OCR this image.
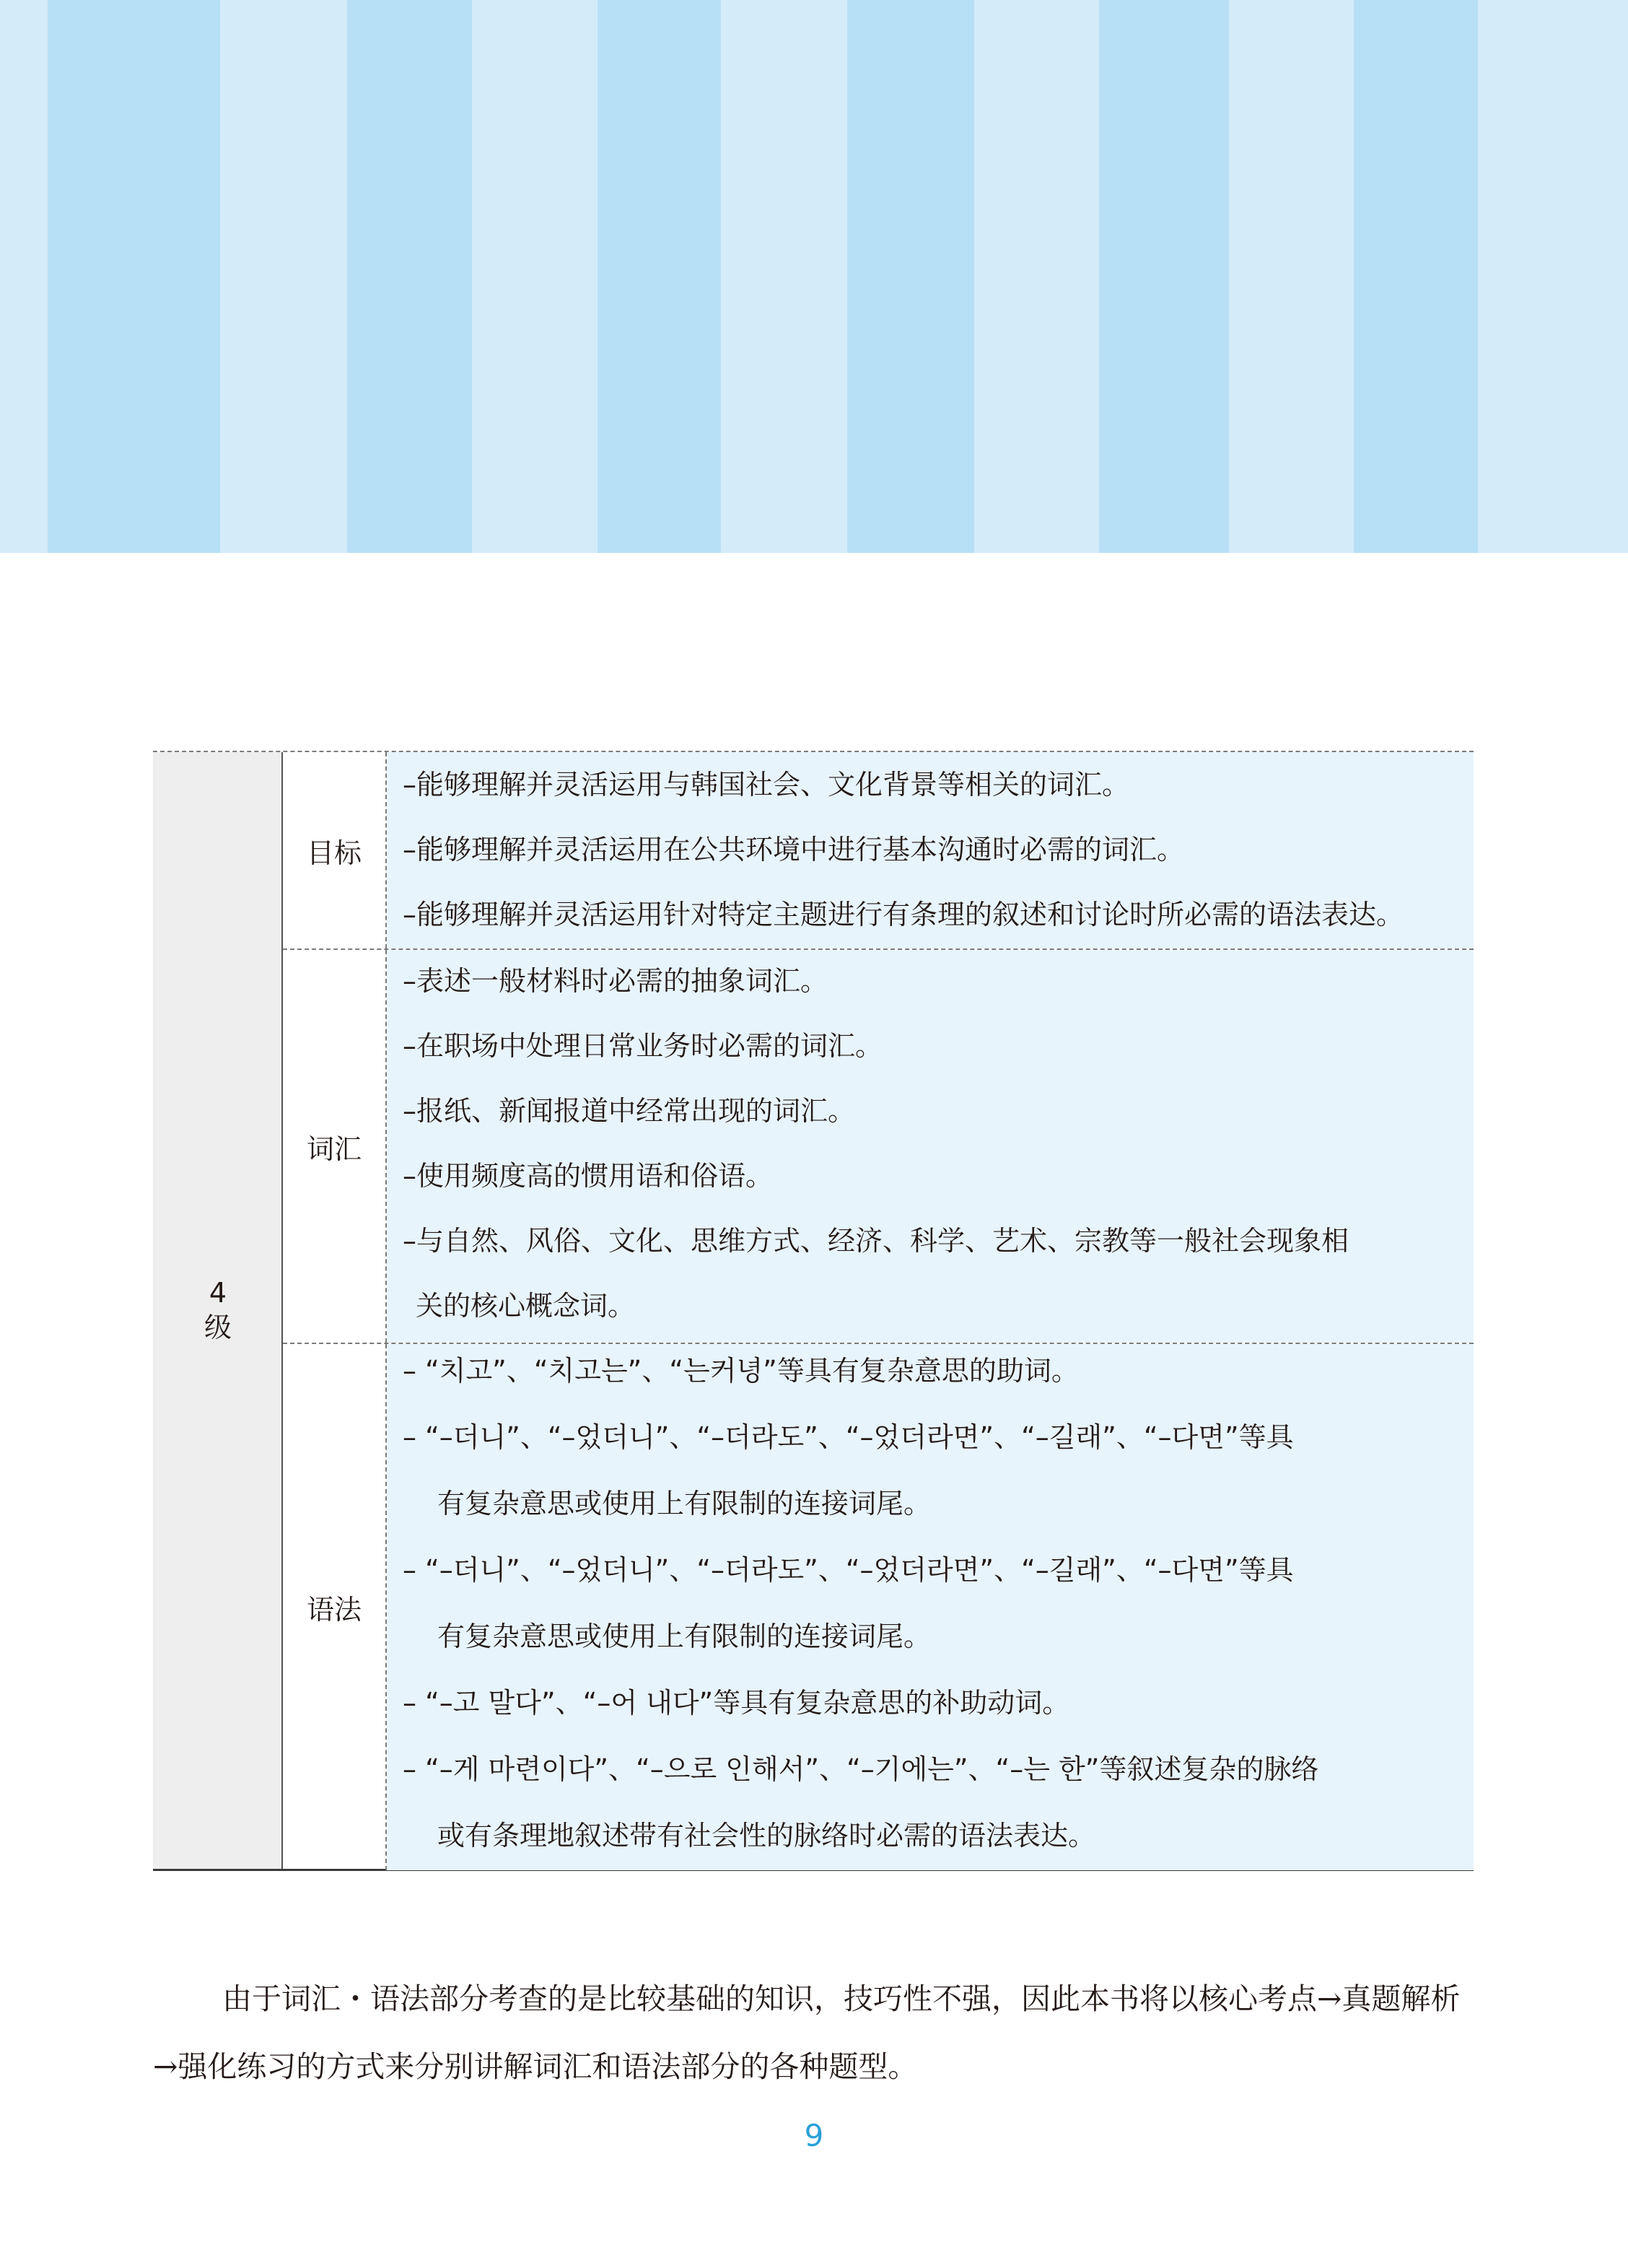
4
级
目标
–能够理解并灵活运用与韩国社会、文化背景等相关的词汇。
–能够理解并灵活运用在公共环境中进行基本沟通时必需的词汇。
–能够理解并灵活运用针对特定主题进行有条理的叙述和讨论时所必需的语法表达。
词汇
–表述一般材料时必需的抽象词汇。
–在职场中处理日常业务时必需的词汇。
–报纸、新闻报道中经常出现的词汇。
–使用频度高的惯用语和俗语。
–与自然、风俗、文化、思维方式、经济、科学、艺术、宗教等一般社会现象相
关的核心概念词。
语法
– “치고”、“치고는”、“는커녕”等具有复杂意思的助词。
– “–더니”、“–었더니”、“–더라도”、“–었더라면”、“–길래”、“–다면”等具
有复杂意思或使用上有限制的连接词尾。
– “–더니”、“–었더니”、“–더라도”、“–었더라면”、“–길래”、“–다면”等具
有复杂意思或使用上有限制的连接词尾。
– “–고 말다”、“–어 내다”等具有复杂意思的补助动词。
– “–게 마련이다”、“–으로 인해서”、“–기에는”、“–는 한”等叙述复杂的脉络
或有条理地叙述带有社会性的脉络时必需的语法表达。

由于词汇・语法部分考查的是比较基础的知识，技巧性不强，因此本书将以核心考点→真题解析→强化练习的方式来分别讲解词汇和语法部分的各种题型。

9
